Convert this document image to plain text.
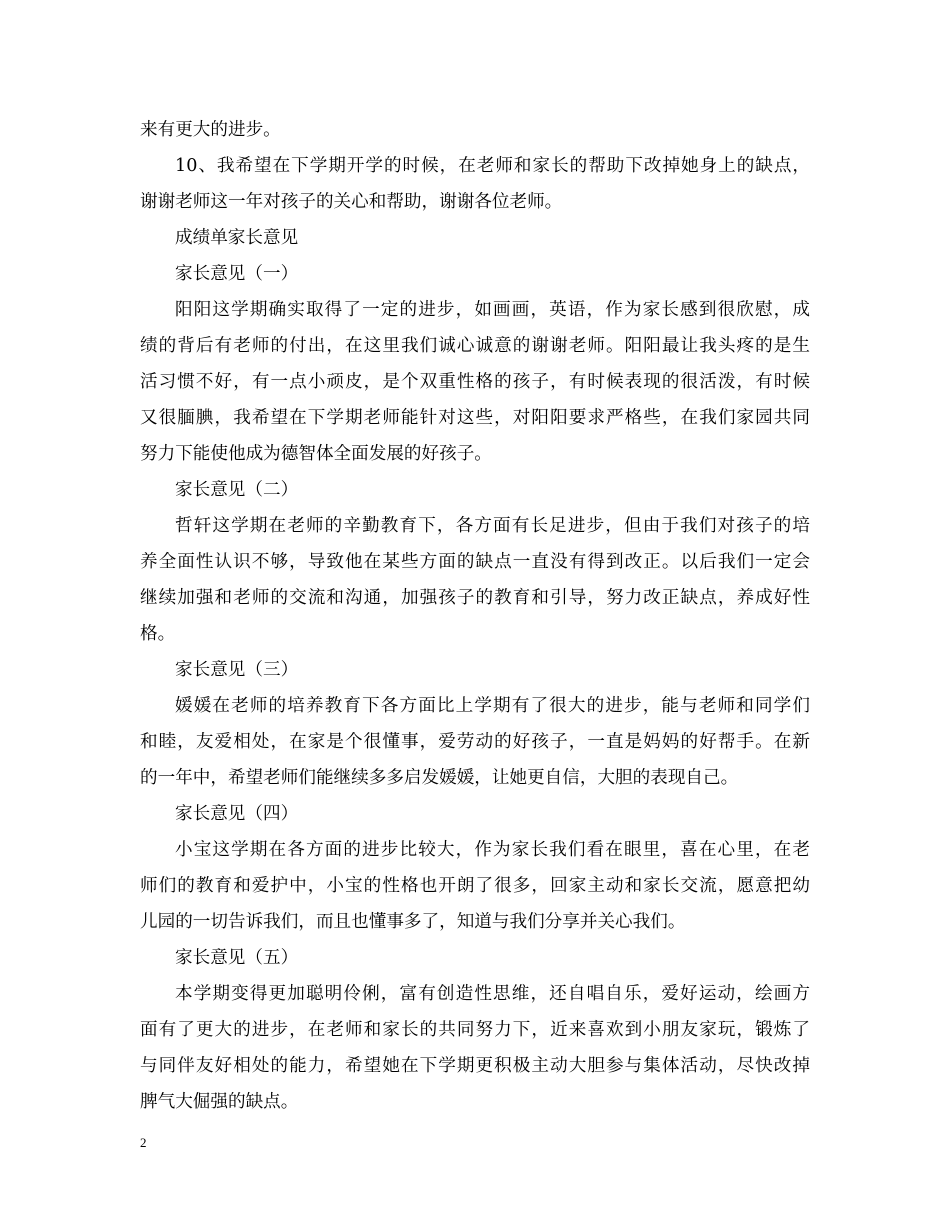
来有更大的进步。

10、我希望在下学期开学的时候，在老师和家长的帮助下改掉她身上的缺点，

谢谢老师这一年对孩子的关心和帮助，谢谢各位老师。

成绩单家长意见

家长意见（一）

阳阳这学期确实取得了一定的进步，如画画，英语，作为家长感到很欣慰，成

绩的背后有老师的付出，在这里我们诚心诚意的谢谢老师。阳阳最让我头疼的是生

活习惯不好，有一点小顽皮，是个双重性格的孩子，有时候表现的很活泼，有时候

又很腼腆，我希望在下学期老师能针对这些，对阳阳要求严格些，在我们家园共同

努力下能使他成为德智体全面发展的好孩子。

家长意见（二）

哲轩这学期在老师的辛勤教育下，各方面有长足进步，但由于我们对孩子的培

养全面性认识不够，导致他在某些方面的缺点一直没有得到改正。以后我们一定会

继续加强和老师的交流和沟通，加强孩子的教育和引导，努力改正缺点，养成好性

格。

家长意见（三）

媛媛在老师的培养教育下各方面比上学期有了很大的进步，能与老师和同学们

和睦，友爱相处，在家是个很懂事，爱劳动的好孩子，一直是妈妈的好帮手。在新

的一年中，希望老师们能继续多多启发媛媛，让她更自信，大胆的表现自己。

家长意见（四）

小宝这学期在各方面的进步比较大，作为家长我们看在眼里，喜在心里，在老

师们的教育和爱护中，小宝的性格也开朗了很多，回家主动和家长交流，愿意把幼

儿园的一切告诉我们，而且也懂事多了，知道与我们分享并关心我们。

家长意见（五）

本学期变得更加聪明伶俐，富有创造性思维，还自唱自乐，爱好运动，绘画方

面有了更大的进步，在老师和家长的共同努力下，近来喜欢到小朋友家玩，锻炼了

与同伴友好相处的能力，希望她在下学期更积极主动大胆参与集体活动，尽快改掉

脾气大倔强的缺点。

2
